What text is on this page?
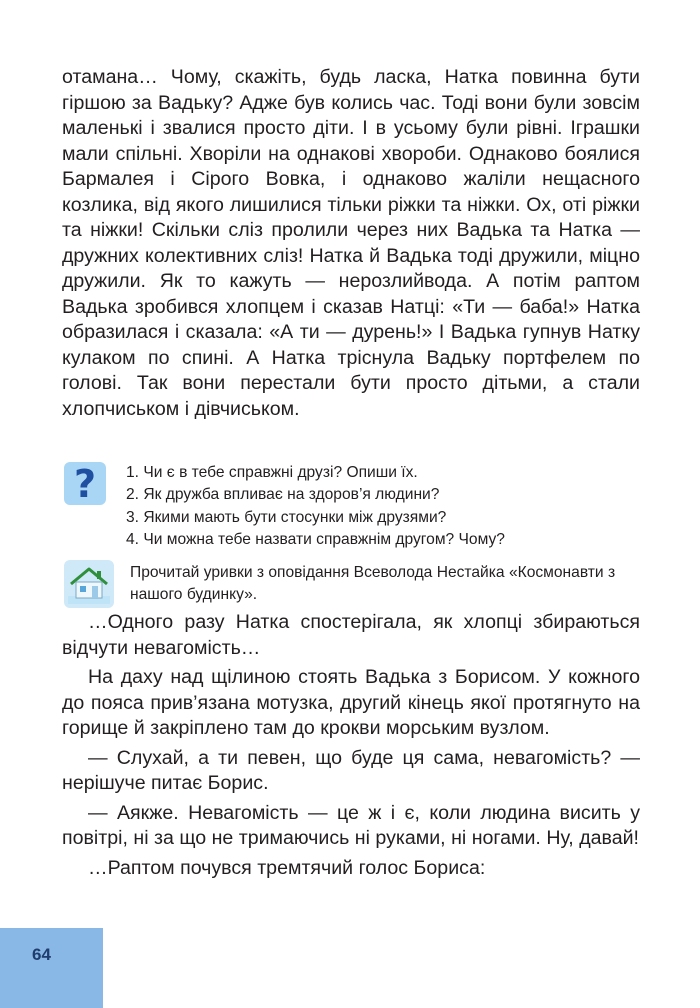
отамана… Чому, скажіть, будь ласка, Натка повинна бути гіршою за Вадьку? Адже був колись час. Тоді вони були зовсім маленькі і звалися просто діти. І в усьому були рівні. Іграшки мали спільні. Хворіли на однакові хвороби. Однаково боялися Бармалея і Сірого Вовка, і однаково жаліли нещасного козлика, від якого лишилися тільки ріжки та ніжки. Ох, оті ріжки та ніжки! Скільки сліз пролили через них Вадька та Натка — дружних колективних сліз! Натка й Вадька тоді дружили, міцно дружили. Як то кажуть — нерозлийвода. А потім раптом Вадька зробився хлопцем і сказав Натці: «Ти — баба!» Натка образилася і сказала: «А ти — дурень!» І Вадька гупнув Натку кулаком по спині. А Натка тріснула Вадьку портфелем по голові. Так вони перестали бути просто дітьми, а стали хлопчиськом і дівчиськом.

? 1. Чи є в тебе справжні друзі? Опиши їх.
2. Як дружба впливає на здоров’я людини?
3. Якими мають бути стосунки між друзями?
4. Чи можна тебе назвати справжнім другом? Чому?
Прочитай уривки з оповідання Всеволода Нестайка «Космонавти з нашого будинку».

…Одного разу Натка спостерігала, як хлопці збираються відчути невагомість…

На даху над щілиною стоять Вадька з Борисом. У кожного до пояса прив’язана мотузка, другий кінець якої протягнуто на горище й закріплено там до крокви морським вузлом.

— Слухай, а ти певен, що буде ця сама, невагомість? — нерішуче питає Борис.

— Аякже. Невагомість — це ж і є, коли людина висить у повітрі, ні за що не тримаючись ні руками, ні ногами. Ну, давай!

…Раптом почувся тремтячий голос Бориса:

64
